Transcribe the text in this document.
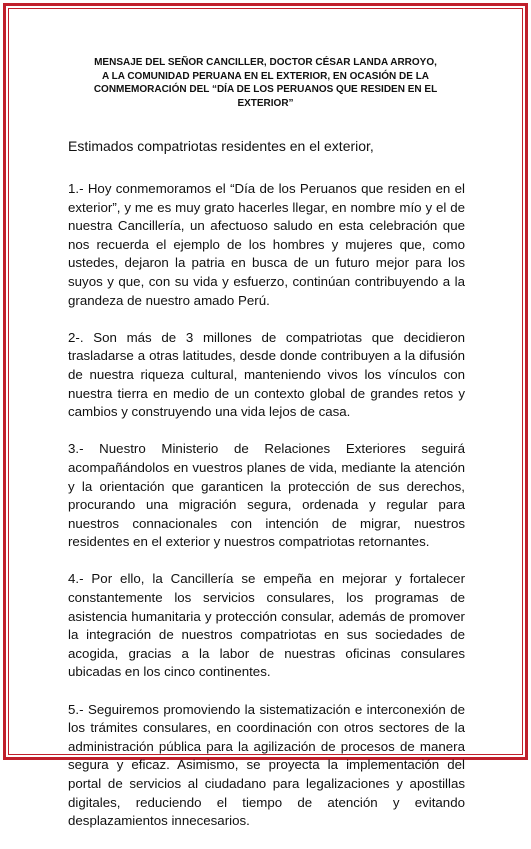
MENSAJE DEL SEÑOR CANCILLER, DOCTOR CÉSAR LANDA ARROYO,
A LA COMUNIDAD PERUANA EN EL EXTERIOR, EN OCASIÓN DE LA
CONMEMORACIÓN DEL “DÍA DE LOS PERUANOS QUE RESIDEN EN EL
EXTERIOR”
Estimados compatriotas residentes en el exterior,

1.- Hoy conmemoramos el “Día de los Peruanos que residen en el exterior”, y me es muy grato hacerles llegar, en nombre mío y el de nuestra Cancillería, un afectuoso saludo en esta celebración que nos recuerda el ejemplo de los hombres y mujeres que, como ustedes, dejaron la patria en busca de un futuro mejor para los suyos y que, con su vida y esfuerzo, continúan contribuyendo a la grandeza de nuestro amado Perú.

2-. Son más de 3 millones de compatriotas que decidieron trasladarse a otras latitudes, desde donde contribuyen a la difusión de nuestra riqueza cultural, manteniendo vivos los vínculos con nuestra tierra en medio de un contexto global de grandes retos y cambios y construyendo una vida lejos de casa.

3.- Nuestro Ministerio de Relaciones Exteriores seguirá acompañándolos en vuestros planes de vida, mediante la atención y la orientación que garanticen la protección de sus derechos, procurando una migración segura, ordenada y regular para nuestros connacionales con intención de migrar, nuestros residentes en el exterior y nuestros compatriotas retornantes.

4.- Por ello, la Cancillería se empeña en mejorar y fortalecer constantemente los servicios consulares, los programas de asistencia humanitaria y protección consular, además de promover la integración de nuestros compatriotas en sus sociedades de acogida, gracias a la labor de nuestras oficinas consulares ubicadas en los cinco continentes.

5.- Seguiremos promoviendo la sistematización e interconexión de los trámites consulares, en coordinación con otros sectores de la administración pública para la agilización de procesos de manera segura y eficaz. Asimismo, se proyecta la implementación del portal de servicios al ciudadano para legalizaciones y apostillas digitales, reduciendo el tiempo de atención y evitando desplazamientos innecesarios.
